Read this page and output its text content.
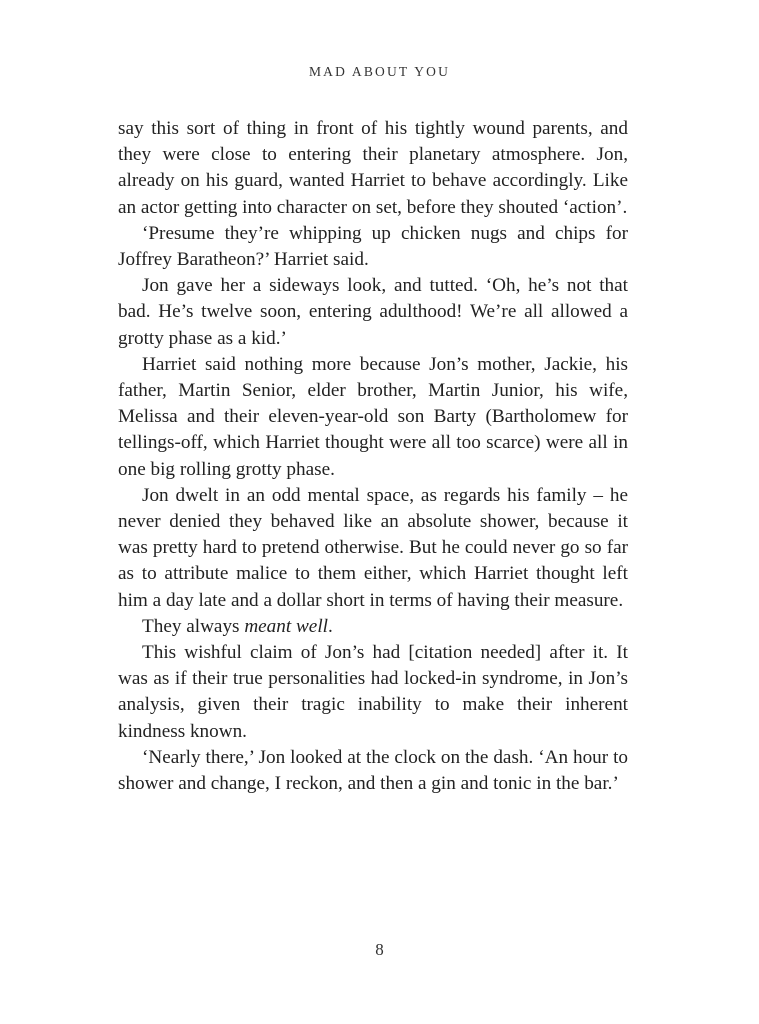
MAD ABOUT YOU

say this sort of thing in front of his tightly wound parents, and they were close to entering their planetary atmosphere. Jon, already on his guard, wanted Harriet to behave accordingly. Like an actor getting into character on set, before they shouted ‘action’.

‘Presume they’re whipping up chicken nugs and chips for Joffrey Baratheon?’ Harriet said.

Jon gave her a sideways look, and tutted. ‘Oh, he’s not that bad. He’s twelve soon, entering adulthood! We’re all allowed a grotty phase as a kid.’

Harriet said nothing more because Jon’s mother, Jackie, his father, Martin Senior, elder brother, Martin Junior, his wife, Melissa and their eleven-year-old son Barty (Bartholomew for tellings-off, which Harriet thought were all too scarce) were all in one big rolling grotty phase.

Jon dwelt in an odd mental space, as regards his family – he never denied they behaved like an absolute shower, because it was pretty hard to pretend otherwise. But he could never go so far as to attribute malice to them either, which Harriet thought left him a day late and a dollar short in terms of having their measure.

They always meant well.

This wishful claim of Jon’s had [citation needed] after it. It was as if their true personalities had locked-in syndrome, in Jon’s analysis, given their tragic inability to make their inherent kindness known.

‘Nearly there,’ Jon looked at the clock on the dash. ‘An hour to shower and change, I reckon, and then a gin and tonic in the bar.’

8
